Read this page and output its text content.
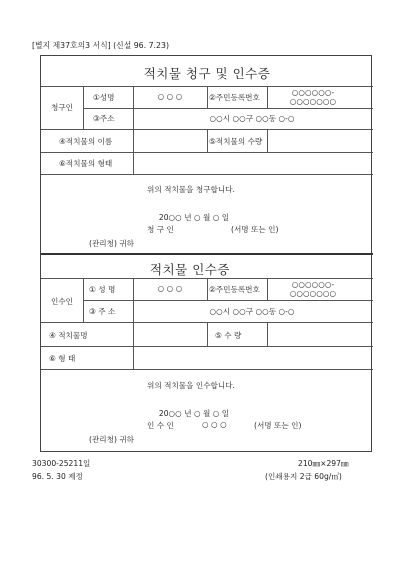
[별지 제37호의3 서식] (신설 96. 7.23)
적치물 청구 및 인수증
청구인
①성명	○ ○ ○	②주민등록번호
○○○○○○-
○○○○○○○
③주소	○○시 ○○구 ○○동 ○-○
④적치물의 이름	⑤적치물의 수량
⑥적치물의 형태
위의 적치물을 청구합니다.
20○○ 년 ○ 월 ○ 일
청 구 인	(서명 또는 인)
(관리청) 귀하
적치물 인수증
인수인
① 성 명	○ ○ ○	②주민등록번호
○○○○○○-
○○○○○○○
③ 주 소	○○시 ○○구 ○○동 ○-○
④ 적치물명	⑤ 수 량
⑥ 형 태
위의 적치물을 인수합니다.
20○○ 년 ○ 월 ○ 일
인 수 인	○ ○ ○	(서명 또는 인)
(관리청) 귀하
30300-25211일	210㎜×297㎜
96. 5. 30 제정	(인쇄용지 2급 60g/㎡)
